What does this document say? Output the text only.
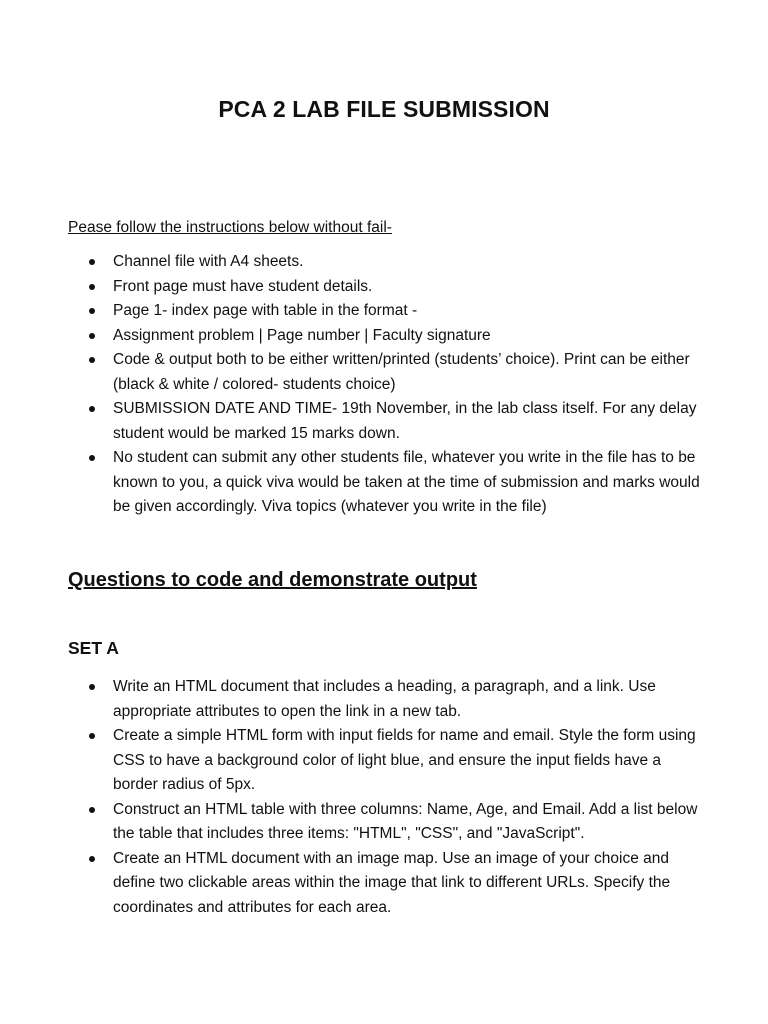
PCA 2 LAB FILE SUBMISSION

Pease follow the instructions below without fail-

Channel file with A4 sheets.
Front page must have student details.
Page 1- index page with table in the format -
Assignment problem | Page number | Faculty signature
Code & output both to be either written/printed (students’ choice). Print can be either (black & white / colored- students choice)
SUBMISSION DATE AND TIME- 19th November, in the lab class itself. For any delay student would be marked 15 marks down.
No student can submit any other students file, whatever you write in the file has to be known to you, a quick viva would be taken at the time of submission and marks would be given accordingly. Viva topics (whatever you write in the file)
Questions to code and demonstrate output
SET A
Write an HTML document that includes a heading, a paragraph, and a link. Use appropriate attributes to open the link in a new tab.
Create a simple HTML form with input fields for name and email. Style the form using CSS to have a background color of light blue, and ensure the input fields have a border radius of 5px.
Construct an HTML table with three columns: Name, Age, and Email. Add a list below the table that includes three items: "HTML", "CSS", and "JavaScript".
Create an HTML document with an image map. Use an image of your choice and define two clickable areas within the image that link to different URLs. Specify the coordinates and attributes for each area.
